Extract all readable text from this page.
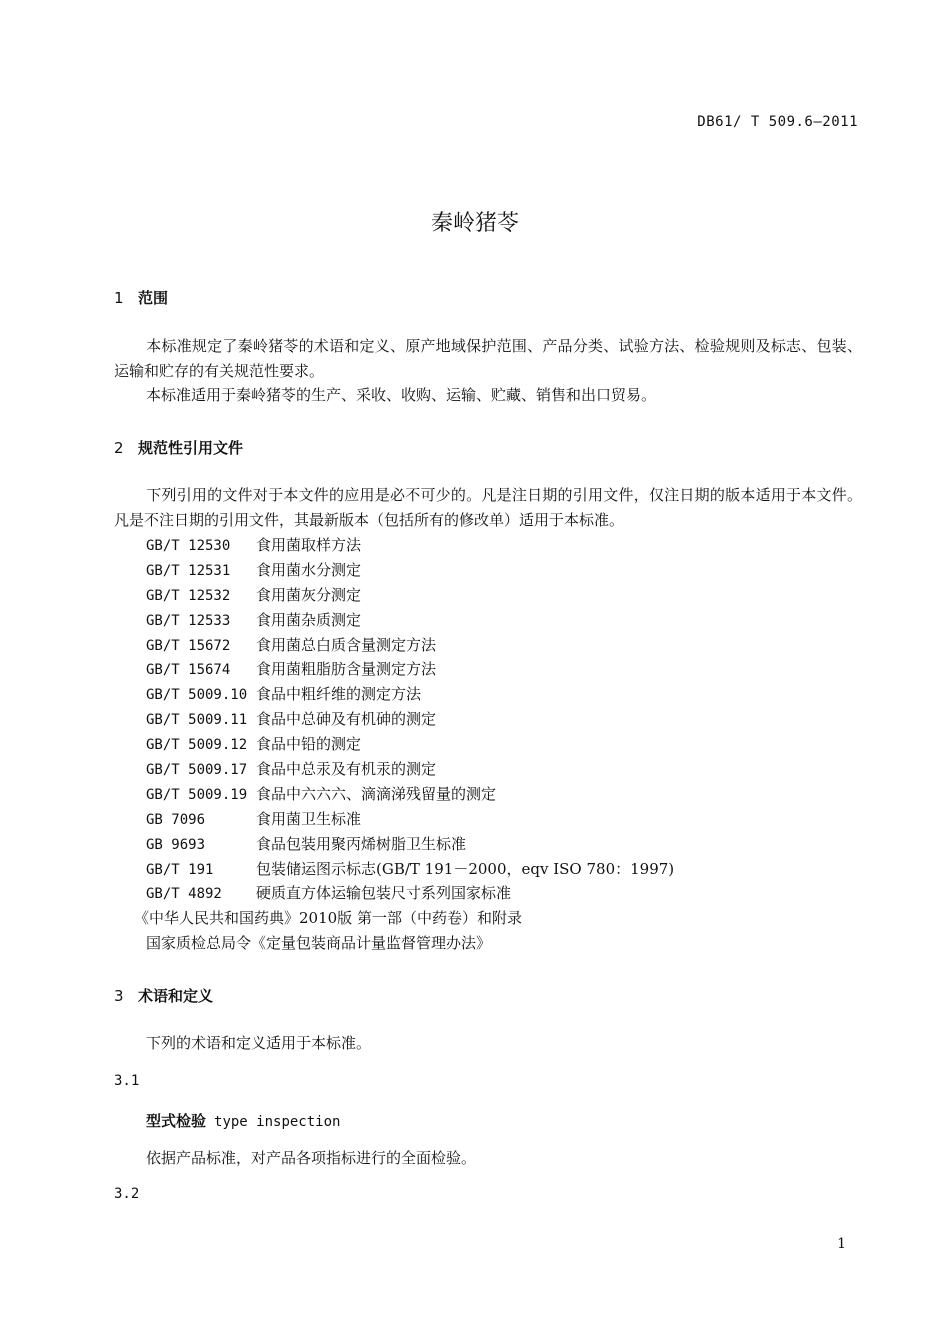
DB61/ T 509.6—2011
秦岭猪苓
1 范围
本标准规定了秦岭猪苓的术语和定义、原产地域保护范围、产品分类、试验方法、检验规则及标志、包装、运输和贮存的有关规范性要求。
本标准适用于秦岭猪苓的生产、采收、收购、运输、贮藏、销售和出口贸易。
2 规范性引用文件
下列引用的文件对于本文件的应用是必不可少的。凡是注日期的引用文件，仅注日期的版本适用于本文件。凡是不注日期的引用文件，其最新版本（包括所有的修改单）适用于本标准。
GB/T 12530 食用菌取样方法
GB/T 12531 食用菌水分测定
GB/T 12532 食用菌灰分测定
GB/T 12533 食用菌杂质测定
GB/T 15672 食用菌总白质含量测定方法
GB/T 15674 食用菌粗脂肪含量测定方法
GB/T 5009.10 食品中粗纤维的测定方法
GB/T 5009.11 食品中总砷及有机砷的测定
GB/T 5009.12 食品中铅的测定
GB/T 5009.17 食品中总汞及有机汞的测定
GB/T 5009.19 食品中六六六、滴滴涕残留量的测定
GB 7096	食用菌卫生标准
GB 9693	食品包装用聚丙烯树脂卫生标准
GB/T 191	包装储运图示标志(GB/T 191－2000，eqv ISO 780：1997)
GB/T 4892 硬质直方体运输包装尺寸系列国家标准
《中华人民共和国药典》2010版 第一部（中药卷）和附录
国家质检总局令《定量包装商品计量监督管理办法》
3 术语和定义
下列的术语和定义适用于本标准。
3.1
型式检验 type inspection
依据产品标准，对产品各项指标进行的全面检验。
3.2
1
